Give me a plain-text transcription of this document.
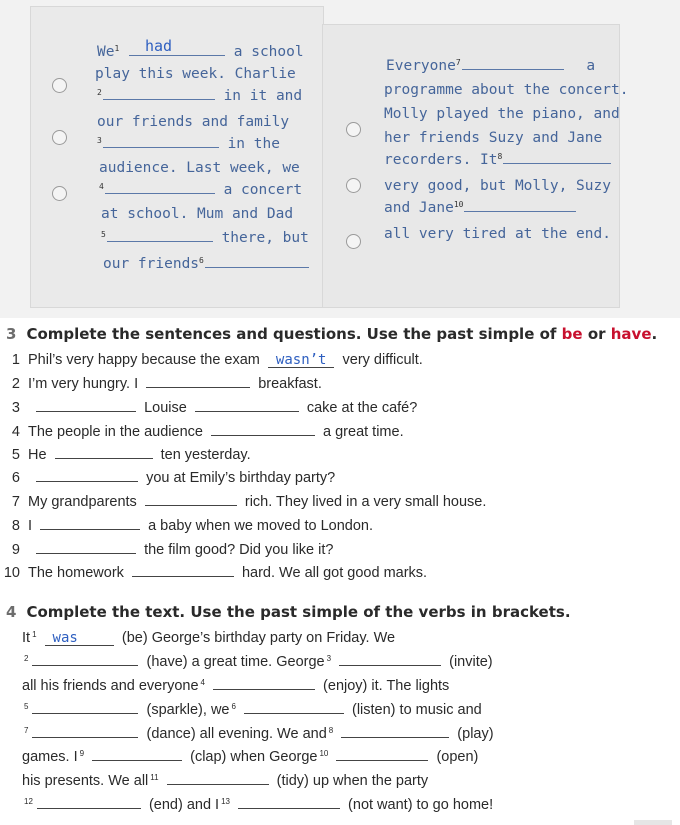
We$^1$	a school
had
play this week. Charlie
$^2$	in it and
our friends and family
$^3$	in the
audience. Last week, we
$^4$	a concert
at school. Mum and Dad
$^5$	there, but
our friends$^6$
Everyone$^7$	a
programme about the concert.
Molly played the piano, and
her friends Suzy and Jane
recorders. It$^8$
very good, but Molly, Suzy
and Jane$^{10}$
all very tired at the end.
3 Complete the sentences and questions. Use the past simple of be or have.
1 Phil’s very happy because the exam wasn’t very difficult.
2 I’m very hungry. I	breakfast.
3	Louise	cake at the café?
4 The people in the audience	a great time.
5 He	ten yesterday.
6	you at Emily’s birthday party?
7 My grandparents	rich. They lived in a very small house.
8 I	a baby when we moved to London.
9	the film good? Did you like it?
10 The homework	hard. We all got good marks.
4 Complete the text. Use the past simple of the verbs in brackets.
It $^1$ was	(be) George’s birthday party on Friday. We
$^2$	(have) a great time. George $^3$	(invite)
all his friends and everyone $^4$	(enjoy) it. The lights
$^5$	(sparkle), we $^6$	(listen) to music and
$^7$	(dance) all evening. We and $^8$	(play)
games. I $^9$	(clap) when George $^{10}$	(open)
his presents. We all $^{11}$	(tidy) up when the party
$^{12}$	(end) and I $^{13}$	(not want) to go home!
